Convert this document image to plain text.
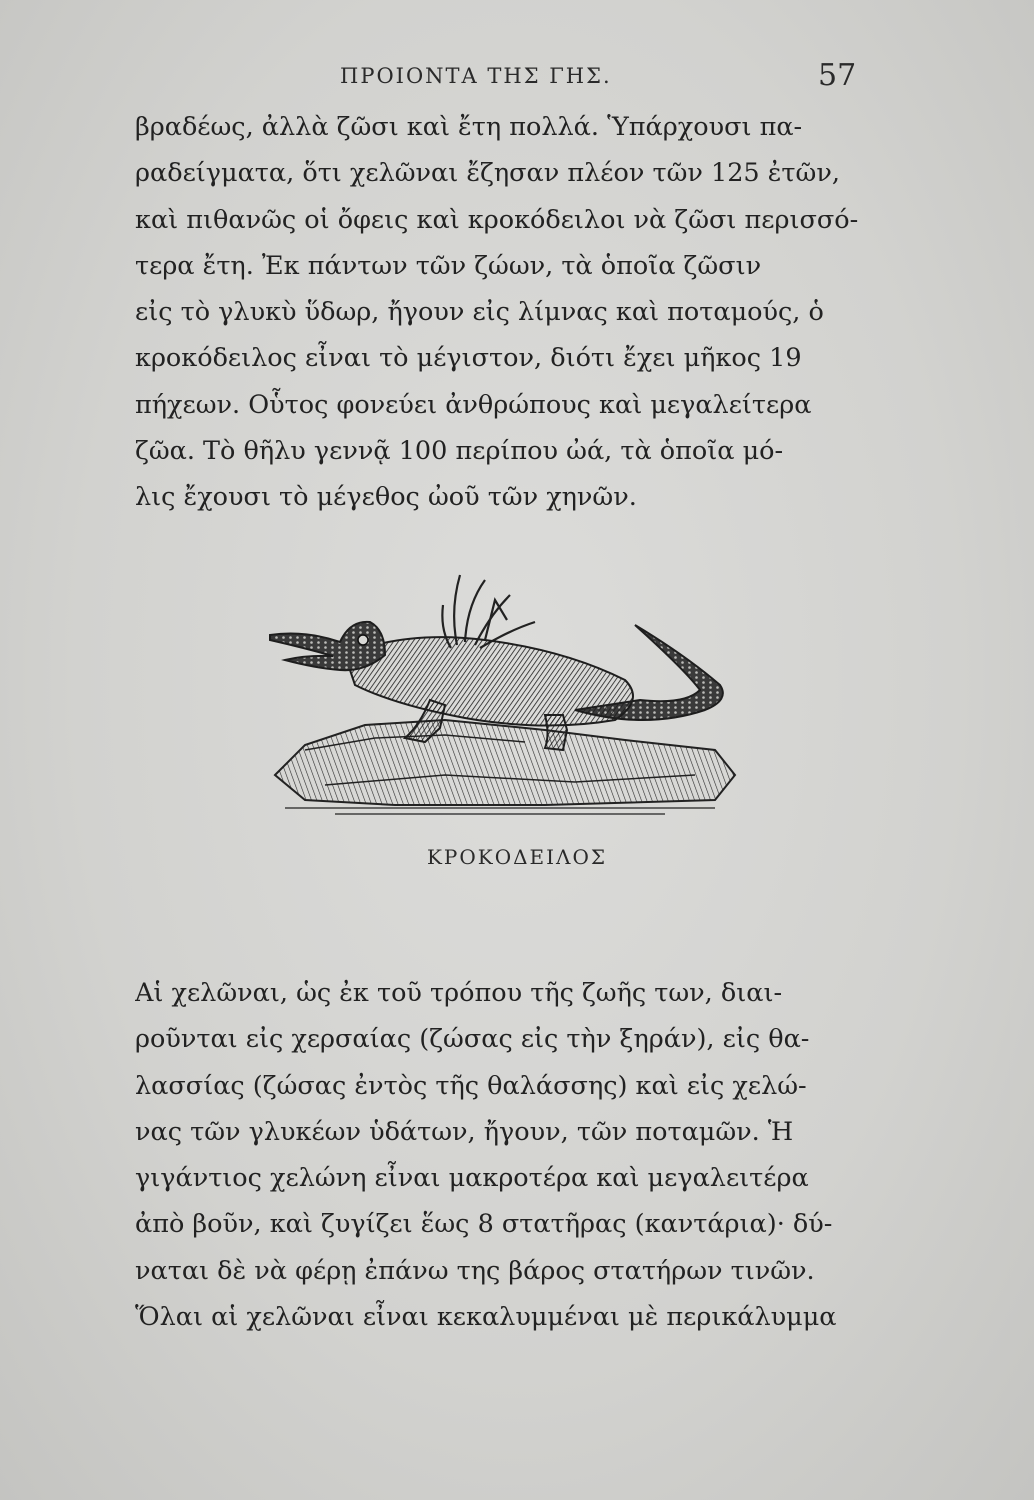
ΠΡΟΙΟΝΤΑ ΤΗΣ ΓΗΣ.	57
βραδέως, ἀλλὰ ζῶσι καὶ ἔτη πολλά. Ὑπάρχουσι πα-
ραδείγματα, ὅτι χελῶναι ἔζησαν πλέον τῶν 125 ἐτῶν,
καὶ πιθανῶς οἱ ὄφεις καὶ κροκόδειλοι νὰ ζῶσι περισσό-
τερα ἔτη. Ἐκ πάντων τῶν ζώων, τὰ ὁποῖα ζῶσιν
εἰς τὸ γλυκὺ ὕδωρ, ἤγουν εἰς λίμνας καὶ ποταμούς, ὁ
κροκόδειλος εἶναι τὸ μέγιστον, διότι ἔχει μῆκος 19
πήχεων. Οὗτος φονεύει ἀνθρώπους καὶ μεγαλείτερα
ζῶα. Τὸ θῆλυ γεννᾷ 100 περίπου ὠά, τὰ ὁποῖα μό-
λις ἔχουσι τὸ μέγεθος ὠοῦ τῶν χηνῶν.
ΚΡΟΚΟΔΕΙΛΟΣ
Αἱ χελῶναι, ὡς ἐκ τοῦ τρόπου τῆς ζωῆς των, διαι-
ροῦνται εἰς χερσαίας (ζώσας εἰς τὴν ξηράν), εἰς θα-
λασσίας (ζώσας ἐντὸς τῆς θαλάσσης) καὶ εἰς χελώ-
νας τῶν γλυκέων ὑδάτων, ἤγουν, τῶν ποταμῶν. Ἡ
γιγάντιος χελώνη εἶναι μακροτέρα καὶ μεγαλειτέρα
ἀπὸ βοῦν, καὶ ζυγίζει ἕως 8 στατῆρας (καντάρια)· δύ-
ναται δὲ νὰ φέρῃ ἐπάνω της βάρος στατήρων τινῶν.
Ὅλαι αἱ χελῶναι εἶναι κεκαλυμμέναι μὲ περικάλυμμα
